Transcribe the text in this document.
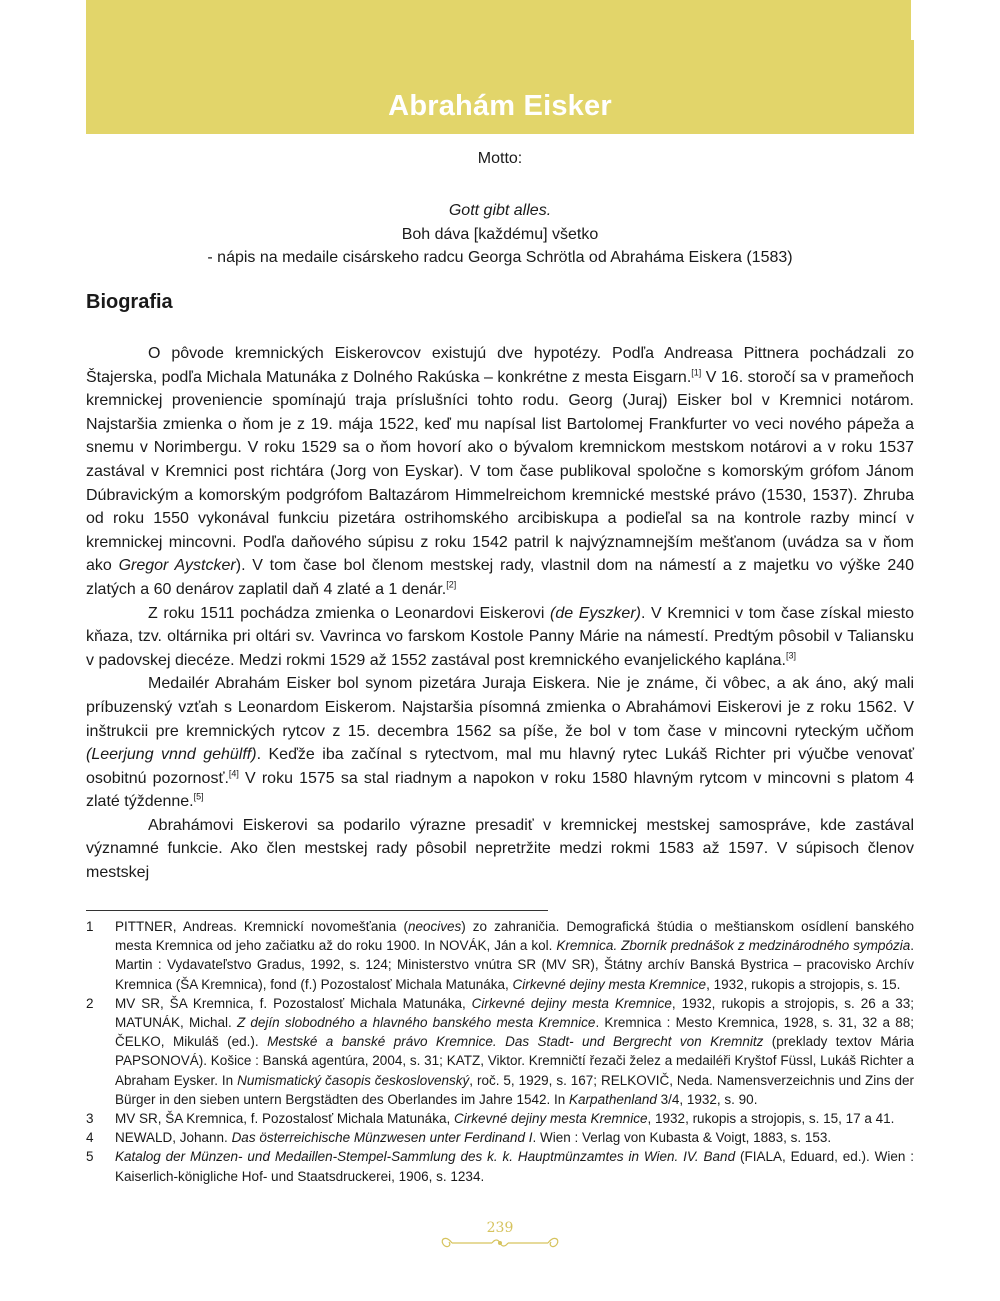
Abrahám Eisker
Motto:
Gott gibt alles.
Boh dáva [každému] všetko
- nápis na medaile cisárskeho radcu Georga Schrötla od Abraháma Eiskera (1583)
Biografia

O pôvode kremnických Eiskerovcov existujú dve hypotézy. Podľa Andreasa Pittnera pochádzali zo Štajerska, podľa Michala Matunáka z Dolného Rakúska – konkrétne z mesta Eisgarn.[1] V 16. storočí sa v prameňoch kremnickej proveniencie spomínajú traja príslušníci tohto rodu. Georg (Juraj) Eisker bol v Kremnici notárom. Najstaršia zmienka o ňom je z 19. mája 1522, keď mu napísal list Bartolomej Frankfurter vo veci nového pápeža a snemu v Norimbergu. V roku 1529 sa o ňom hovorí ako o bývalom kremnickom mestskom notárovi a v roku 1537 zastával v Kremnici post richtára (Jorg von Eyskar). V tom čase publikoval spoločne s komorským grófom Jánom Dúbravickým a komorským podgrófom Baltazárom Himmelreichom kremnické mestské právo (1530, 1537). Zhruba od roku 1550 vykonával funkciu pizetára ostrihomského arcibiskupa a podieľal sa na kontrole razby mincí v kremnickej mincovni. Podľa daňového súpisu z roku 1542 patril k najvýznamnejším mešťanom (uvádza sa v ňom ako Gregor Aystcker). V tom čase bol členom mestskej rady, vlastnil dom na námestí a z majetku vo výške 240 zlatých a 60 denárov zaplatil daň 4 zlaté a 1 denár.[2]

Z roku 1511 pochádza zmienka o Leonardovi Eiskerovi (de Eyszker). V Kremnici v tom čase získal miesto kňaza, tzv. oltárnika pri oltári sv. Vavrinca vo farskom Kostole Panny Márie na námestí. Predtým pôsobil v Taliansku v padovskej diecéze. Medzi rokmi 1529 až 1552 zastával post kremnického evanjelického kaplána.[3]

Medailér Abrahám Eisker bol synom pizetára Juraja Eiskera. Nie je známe, či vôbec, a ak áno, aký mali príbuzenský vzťah s Leonardom Eiskerom. Najstaršia písomná zmienka o Abrahámovi Eiskerovi je z roku 1562. V inštrukcii pre kremnických rytcov z 15. decembra 1562 sa píše, že bol v tom čase v mincovni ryteckým učňom (Leerjung vnnd gehülff). Keďže iba začínal s rytectvom, mal mu hlavný rytec Lukáš Richter pri výučbe venovať osobitnú pozornosť.[4] V roku 1575 sa stal riadnym a napokon v roku 1580 hlavným rytcom v mincovni s platom 4 zlaté týždenne.[5]

Abrahámovi Eiskerovi sa podarilo výrazne presadiť v kremnickej mestskej samospráve, kde zastával významné funkcie. Ako člen mestskej rady pôsobil nepretržite medzi rokmi 1583 až 1597. V súpisoch členov mestskej

1	PITTNER, Andreas. Kremnickí novomešťania (neocives) zo zahraničia. Demografická štúdia o meštianskom osídlení banského mesta Kremnica od jeho začiatku až do roku 1900. In NOVÁK, Ján a kol. Kremnica. Zborník prednášok z medzinárodného sympózia. Martin : Vydavateľstvo Gradus, 1992, s. 124; Ministerstvo vnútra SR (MV SR), Štátny archív Banská Bystrica – pracovisko Archív Kremnica (ŠA Kremnica), fond (f.) Pozostalosť Michala Matunáka, Cirkevné dejiny mesta Kremnice, 1932, rukopis a strojopis, s. 15.
2	MV SR, ŠA Kremnica, f. Pozostalosť Michala Matunáka, Cirkevné dejiny mesta Kremnice, 1932, rukopis a strojopis, s. 26 a 33; MATUNÁK, Michal. Z dejín slobodného a hlavného banského mesta Kremnice. Kremnica : Mesto Kremnica, 1928, s. 31, 32 a 88; ČELKO, Mikuláš (ed.). Mestské a banské právo Kremnice. Das Stadt- und Bergrecht von Kremnitz (preklady textov Mária PAPSONOVÁ). Košice : Banská agentúra, 2004, s. 31; KATZ, Viktor. Kremničtí řezači želez a medailéři Kryštof Füssl, Lukáš Richter a Abraham Eysker. In Numismatický časopis československý, roč. 5, 1929, s. 167; RELKOVIČ, Neda. Namensverzeichnis und Zins der Bürger in den sieben untern Bergstädten des Oberlandes im Jahre 1542. In Karpathenland 3/4, 1932, s. 90.
3	MV SR, ŠA Kremnica, f. Pozostalosť Michala Matunáka, Cirkevné dejiny mesta Kremnice, 1932, rukopis a strojopis, s. 15, 17 a 41.
4	NEWALD, Johann. Das österreichische Münzwesen unter Ferdinand I. Wien : Verlag von Kubasta & Voigt, 1883, s. 153.
5	Katalog der Münzen- und Medaillen-Stempel-Sammlung des k. k. Hauptmünzamtes in Wien. IV. Band (FIALA, Eduard, ed.). Wien : Kaiserlich-königliche Hof- und Staatsdruckerei, 1906, s. 1234.
239
